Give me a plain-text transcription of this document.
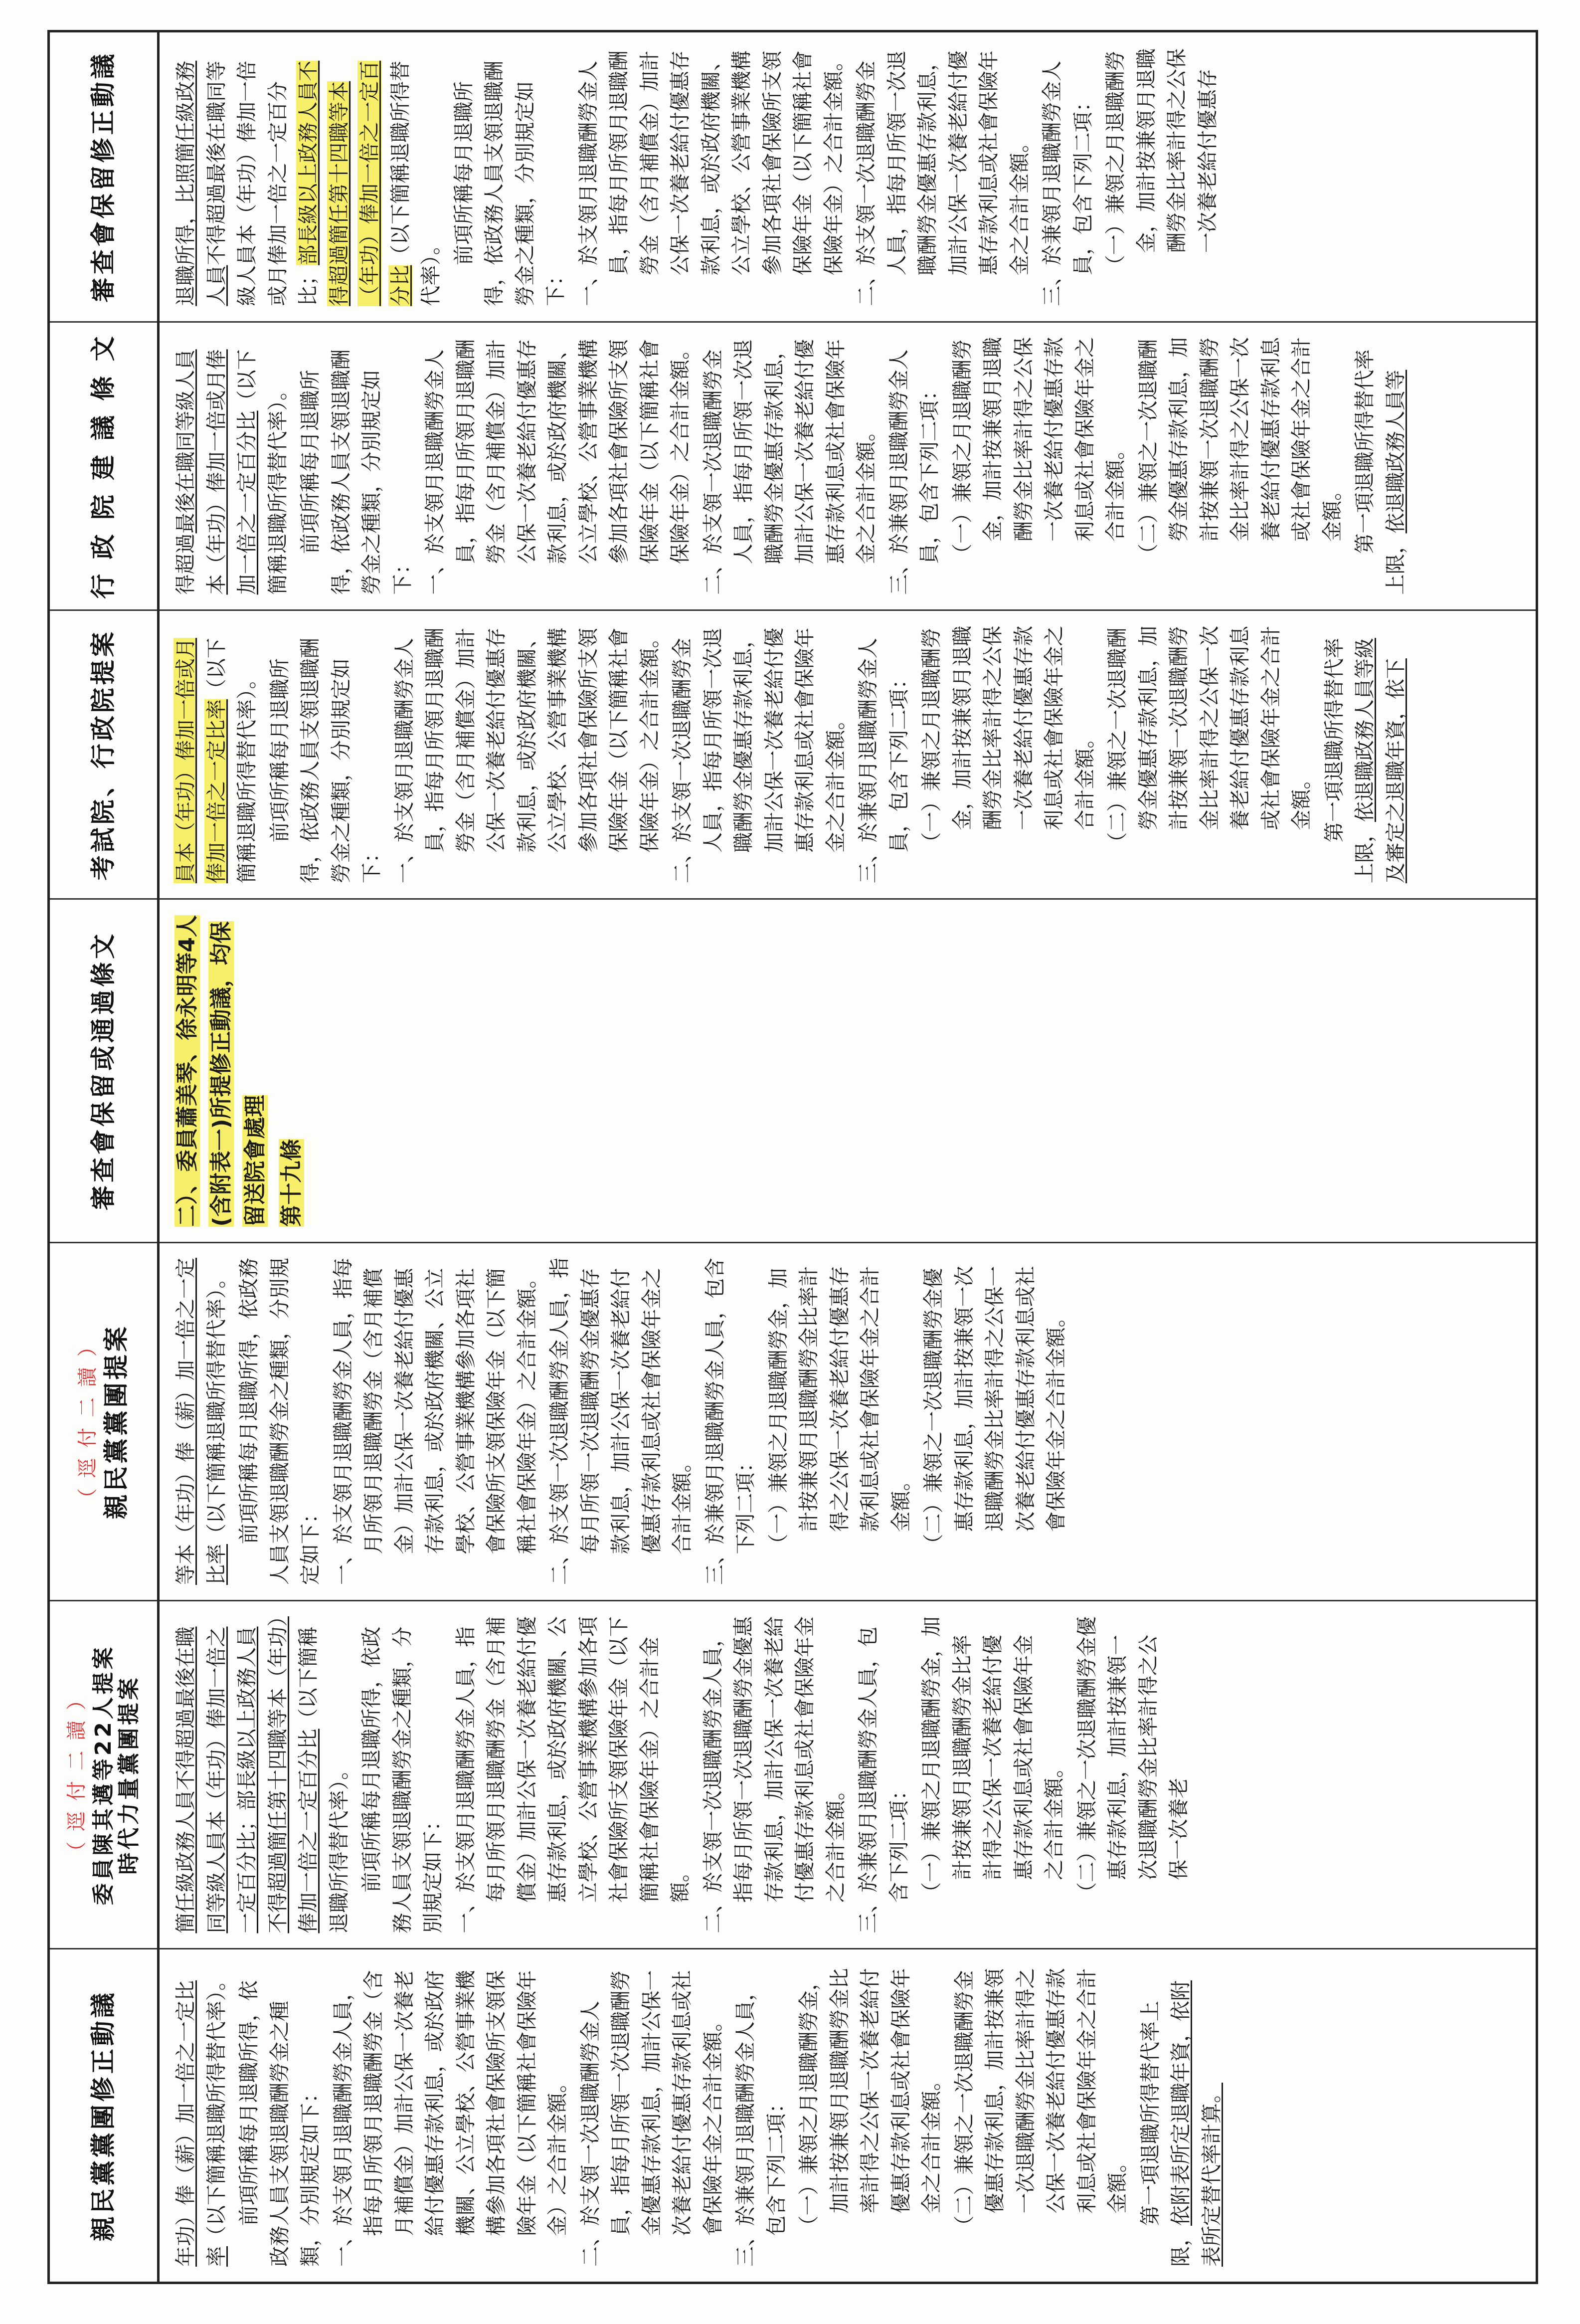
親民黨黨團修正動議
（ 逕 付 二 讀 ） 委員陳其邁等22人提案 時代力量黨團提案
（ 逕 付 二 讀 ） 親民黨黨團提案
審查會保留或通過條文
考試院、行政院提案
行 政 院 建 議 條 文
審查會保留修正動議

年功）俸（薪）加一倍之一定比率（以下簡稱退職所得替代率）。 前項所稱每月退職所得，依政務人員支領退職酬勞金之種類，分別規定如下： 一、於支領月退職酬勞金人員，指每月所領月退職酬勞金（含月補償金）加計公保一次養老給付優惠存款利息，或於政府機關、公立學校、公營事業機構參加各項社會保險所支領保險年金（以下簡稱社會保險年金）之合計金額。 二、於支領一次退職酬勞金人員，指每月所領一次退職酬勞金優惠存款利息，加計公保一次養老給付優惠存款利息或社會保險年金之合計金額。 三、於兼領月退職酬勞金人員，包含下列二項： （一）兼領之月退職酬勞金，加計按兼領月退職酬勞金比率計得之公保一次養老給付優惠存款利息或社會保險年金之合計金額。 （二）兼領之一次退職酬勞金優惠存款利息，加計按兼領一次退職酬勞金比率計得之公保一次養老給付優惠存款利息或社會保險年金之合計金額。 第一項退職所得替代率上限，依附表所定退職年資，依附表所定替代率計算。

簡任級政務人員不得超過最後在職同等級人員本（年功）俸加一倍之一定百分比；部長級以上政務人員不得超過簡任第十四職等本（年功）俸加一倍之一定百分比（以下簡稱退職所得替代率）。 前項所稱每月退職所得，依政務人員支領退職酬勞金之種類，分別規定如下： 一、於支領月退職酬勞金人員，指每月所領月退職酬勞金（含月補償金）加計公保一次養老給付優惠存款利息，或於政府機關、公立學校、公營事業機構參加各項社會保險所支領保險年金（以下簡稱社會保險年金）之合計金額。 二、於支領一次退職酬勞金人員，指每月所領一次退職酬勞金優惠存款利息，加計公保一次養老給付優惠存款利息或社會保險年金之合計金額。 三、於兼領月退職酬勞金人員，包含下列二項： （一）兼領之月退職酬勞金，加計按兼領月退職酬勞金比率計得之公保一次養老給付優惠存款利息或社會保險年金之合計金額。 （二）兼領之一次退職酬勞金優惠存款利息，加計按兼領一次退職酬勞金比率計得之公保一次養老

等本（年功）俸（薪）加一倍之一定比率（以下簡稱退職所得替代率）。 前項所稱每月退職所得，依政務人員支領退職酬勞金之種類，分別規定如下： 一、於支領月退職酬勞金人員，指每月所領月退職酬勞金（含月補償金）加計公保一次養老給付優惠存款利息，或於政府機關、公立學校、公營事業機構參加各項社會保險所支領保險年金（以下簡稱社會保險年金）之合計金額。 二、於支領一次退職酬勞金人員，指每月所領一次退職酬勞金優惠存款利息，加計公保一次養老給付優惠存款利息或社會保險年金之合計金額。 三、於兼領月退職酬勞金人員，包含下列二項： （一）兼領之月退職酬勞金，加計按兼領月退職酬勞金比率計得之公保一次養老給付優惠存款利息或社會保險年金之合計金額。 （二）兼領之一次退職酬勞金優惠存款利息，加計按兼領一次退職酬勞金比率計得之公保一次養老給付優惠存款利息或社會保險年金之合計金額。

二）、委員蕭美琴、徐永明等4人(含附表一)所提修正動議，均保留送院會處理 第十九條

員本（年功）俸加一倍或月俸加一倍之一定比率（以下簡稱退職所得替代率）。 前項所稱每月退職所得，依政務人員支領退職酬勞金之種類，分別規定如下： 一、於支領月退職酬勞金人員，指每月所領月退職酬勞金（含月補償金）加計公保一次養老給付優惠存款利息，或於政府機關、公立學校、公營事業機構參加各項社會保險所支領保險年金（以下簡稱社會保險年金）之合計金額。 二、於支領一次退職酬勞金人員，指每月所領一次退職酬勞金優惠存款利息，加計公保一次養老給付優惠存款利息或社會保險年金之合計金額。 三、於兼領月退職酬勞金人員，包含下列二項： （一）兼領之月退職酬勞金，加計按兼領月退職酬勞金比率計得之公保一次養老給付優惠存款利息或社會保險年金之合計金額。 （二）兼領之一次退職酬勞金優惠存款利息，加計按兼領一次退職酬勞金比率計得之公保一次養老給付優惠存款利息或社會保險年金之合計金額。 第一項退職所得替代率上限，依退職政務人員等級及審定之退職年資，依下

得超過最後在職同等級人員本（年功）俸加一倍或月俸加一倍之一定百分比（以下簡稱退職所得替代率）。 前項所稱每月退職所得，依政務人員支領退職酬勞金之種類，分別規定如下： 一、於支領月退職酬勞金人員，指每月所領月退職酬勞金（含月補償金）加計公保一次養老給付優惠存款利息，或於政府機關、公立學校、公營事業機構參加各項社會保險所支領保險年金（以下簡稱社會保險年金）之合計金額。 二、於支領一次退職酬勞金人員，指每月所領一次退職酬勞金優惠存款利息，加計公保一次養老給付優惠存款利息或社會保險年金之合計金額。 三、於兼領月退職酬勞金人員，包含下列二項： （一）兼領之月退職酬勞金，加計按兼領月退職酬勞金比率計得之公保一次養老給付優惠存款利息或社會保險年金之合計金額。 （二）兼領之一次退職酬勞金優惠存款利息，加計按兼領一次退職酬勞金比率計得之公保一次養老給付優惠存款利息或社會保險年金之合計金額。 第一項退職所得替代率上限，依退職政務人員等

退職所得，比照簡任級政務人員不得超過最後在職同等級人員本（年功）俸加一倍或月俸加一倍之一定百分比；部長級以上政務人員不得超過簡任第十四職等本（年功）俸加一倍之一定百分比（以下簡稱退職所得替代率）。

前項所稱每月退職所得，依政務人員支領退職酬勞金之種類，分別規定如下： 一、於支領月退職酬勞金人員，指每月所領月退職酬勞金（含月補償金）加計公保一次養老給付優惠存款利息，或於政府機關、公立學校、公營事業機構參加各項社會保險所支領保險年金（以下簡稱社會保險年金）之合計金額。 二、於支領一次退職酬勞金人員，指每月所領一次退職酬勞金優惠存款利息，加計公保一次養老給付優惠存款利息或社會保險年金之合計金額。 三、於兼領月退職酬勞金人員，包含下列二項： （一）兼領之月退職酬勞金，加計按兼領月退職酬勞金比率計得之公保一次養老給付優惠存
